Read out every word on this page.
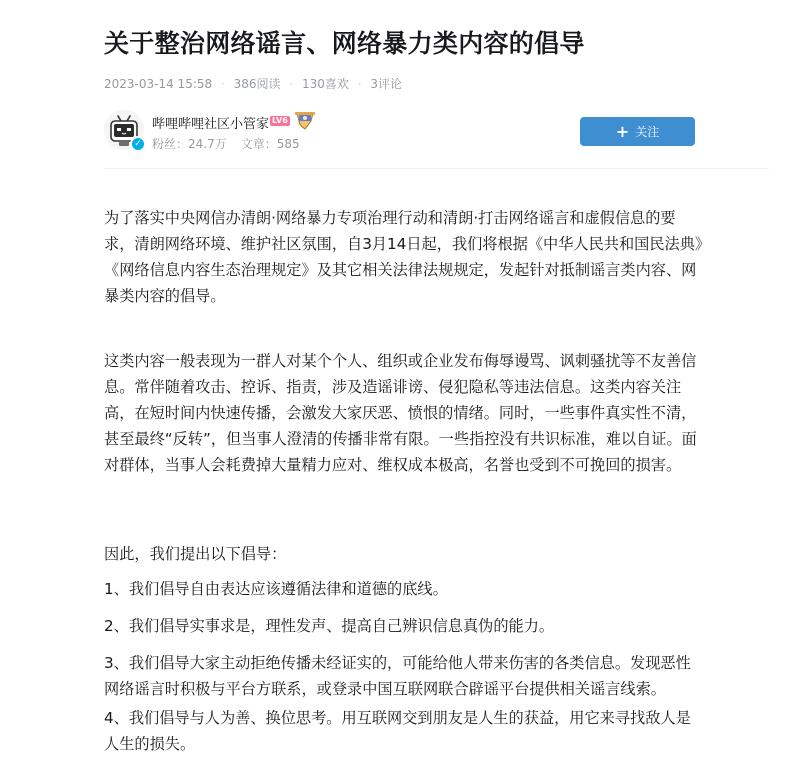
关于整治网络谣言、网络暴力类内容的倡导
2023-03-14 15:58 · 386阅读 · 130喜欢 · 3评论
✓
哔哩哔哩社区小管家 LV6
粉丝：24.7万 文章：585
+ 关注

为了落实中央网信办清朗·网络暴力专项治理行动和清朗·打击网络谣言和虚假信息的要求，清朗网络环境、维护社区氛围，自3月14日起，我们将根据《中华人民共和国民法典》《网络信息内容生态治理规定》及其它相关法律法规规定，发起针对抵制谣言类内容、网暴类内容的倡导。

这类内容一般表现为一群人对某个个人、组织或企业发布侮辱谩骂、讽刺骚扰等不友善信息。常伴随着攻击、控诉、指责，涉及造谣诽谤、侵犯隐私等违法信息。这类内容关注高，在短时间内快速传播，会激发大家厌恶、愤恨的情绪。同时，一些事件真实性不清，甚至最终“反转”，但当事人澄清的传播非常有限。一些指控没有共识标准，难以自证。面对群体，当事人会耗费掉大量精力应对、维权成本极高，名誉也受到不可挽回的损害。

因此，我们提出以下倡导：

1、我们倡导自由表达应该遵循法律和道德的底线。

2、我们倡导实事求是，理性发声、提高自己辨识信息真伪的能力。

3、我们倡导大家主动拒绝传播未经证实的，可能给他人带来伤害的各类信息。发现恶性网络谣言时积极与平台方联系，或登录中国互联网联合辟谣平台提供相关谣言线索。

4、我们倡导与人为善、换位思考。用互联网交到朋友是人生的获益，用它来寻找敌人是人生的损失。
